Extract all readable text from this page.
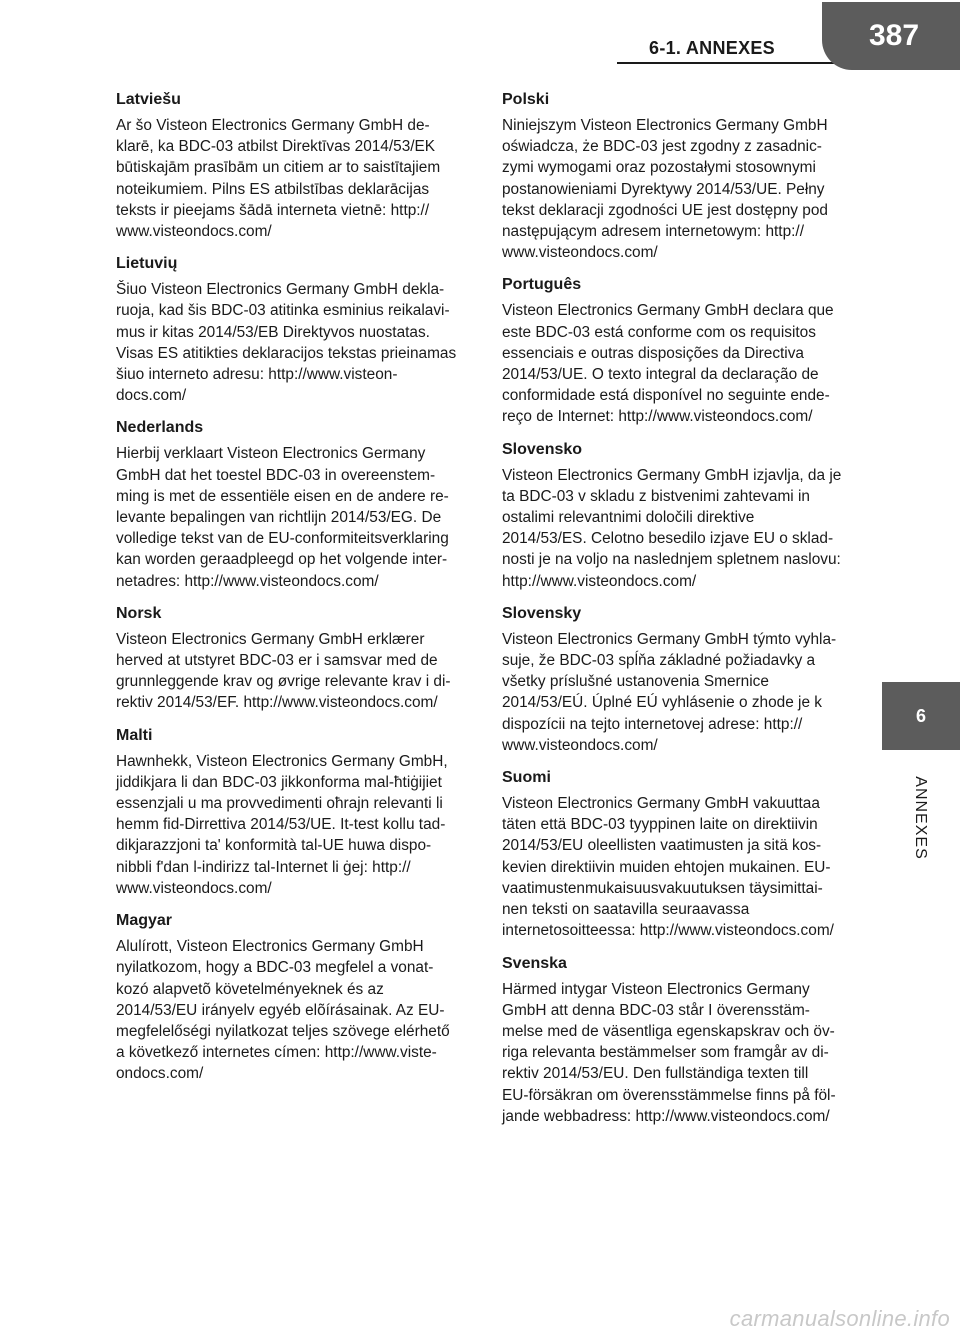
6-1. ANNEXES	387
Latviešu

Ar šo Visteon Electronics Germany GmbH de-
klarē, ka BDC-03 atbilst Direktīvas 2014/53/EK
būtiskajām prasībām un citiem ar to saistītajiem
noteikumiem. Pilns ES atbilstības deklarācijas
teksts ir pieejams šādā interneta vietnē: http://
www.visteondocs.com/

Lietuvių

Šiuo Visteon Electronics Germany GmbH dekla-
ruoja, kad šis BDC-03 atitinka esminius reikalavi-
mus ir kitas 2014/53/EB Direktyvos nuostatas.
Visas ES atitikties deklaracijos tekstas prieinamas
šiuo interneto adresu: http://www.visteon-
docs.com/

Nederlands

Hierbij verklaart Visteon Electronics Germany
GmbH dat het toestel BDC-03 in overeenstem-
ming is met de essentiële eisen en de andere re-
levante bepalingen van richtlijn 2014/53/EG. De
volledige tekst van de EU-conformiteitsverklaring
kan worden geraadpleegd op het volgende inter-
netadres: http://www.visteondocs.com/

Norsk

Visteon Electronics Germany GmbH erklærer
herved at utstyret BDC-03 er i samsvar med de
grunnleggende krav og øvrige relevante krav i di-
rektiv 2014/53/EF. http://www.visteondocs.com/

Malti

Hawnhekk, Visteon Electronics Germany GmbH,
jiddikjara li dan BDC-03 jikkonforma mal-ħtiġijiet
essenzjali u ma provvedimenti oħrajn relevanti li
hemm fid-Dirrettiva 2014/53/UE. It-test kollu tad-
dikjarazzjoni ta' konformità tal-UE huwa dispo-
nibbli f'dan l-indirizz tal-Internet li ġej: http://
www.visteondocs.com/

Magyar

Alulírott, Visteon Electronics Germany GmbH
nyilatkozom, hogy a BDC-03 megfelel a vonat-
kozó alapvetõ követelményeknek és az
2014/53/EU irányelv egyéb elõírásainak. Az EU-
megfelelőségi nyilatkozat teljes szövege elérhető
a következő internetes címen: http://www.viste-
ondocs.com/

Polski

Niniejszym Visteon Electronics Germany GmbH
oświadcza, że BDC-03 jest zgodny z zasadnic-
zymi wymogami oraz pozostałymi stosownymi
postanowieniami Dyrektywy 2014/53/UE. Pełny
tekst deklaracji zgodności UE jest dostępny pod
następującym adresem internetowym: http://
www.visteondocs.com/

Português

Visteon Electronics Germany GmbH declara que
este BDC-03 está conforme com os requisitos
essenciais e outras disposições da Directiva
2014/53/UE. O texto integral da declaração de
conformidade está disponível no seguinte ende-
reço de Internet: http://www.visteondocs.com/

Slovensko

Visteon Electronics Germany GmbH izjavlja, da je
ta BDC-03 v skladu z bistvenimi zahtevami in
ostalimi relevantnimi določili direktive
2014/53/ES. Celotno besedilo izjave EU o sklad-
nosti je na voljo na naslednjem spletnem naslovu:
http://www.visteondocs.com/

Slovensky

Visteon Electronics Germany GmbH týmto vyhla-
suje, že BDC-03 spĺňa základné požiadavky a
všetky príslušné ustanovenia Smernice
2014/53/EÚ. Úplné EÚ vyhlásenie o zhode je k
dispozícii na tejto internetovej adrese: http://
www.visteondocs.com/

Suomi

Visteon Electronics Germany GmbH vakuuttaa
täten että BDC-03 tyyppinen laite on direktiivin
2014/53/EU oleellisten vaatimusten ja sitä kos-
kevien direktiivin muiden ehtojen mukainen. EU-
vaatimustenmukaisuusvakuutuksen täysimittai-
nen teksti on saatavilla seuraavassa
internetosoitteessa: http://www.visteondocs.com/

Svenska

Härmed intygar Visteon Electronics Germany
GmbH att denna BDC-03 står I överensstäm-
melse med de väsentliga egenskapskrav och öv-
riga relevanta bestämmelser som framgår av di-
rektiv 2014/53/EU. Den fullständiga texten till
EU-försäkran om överensstämmelse finns på föl-
jande webbadress: http://www.visteondocs.com/

6
ANNEXES
carmanualsonline.info
